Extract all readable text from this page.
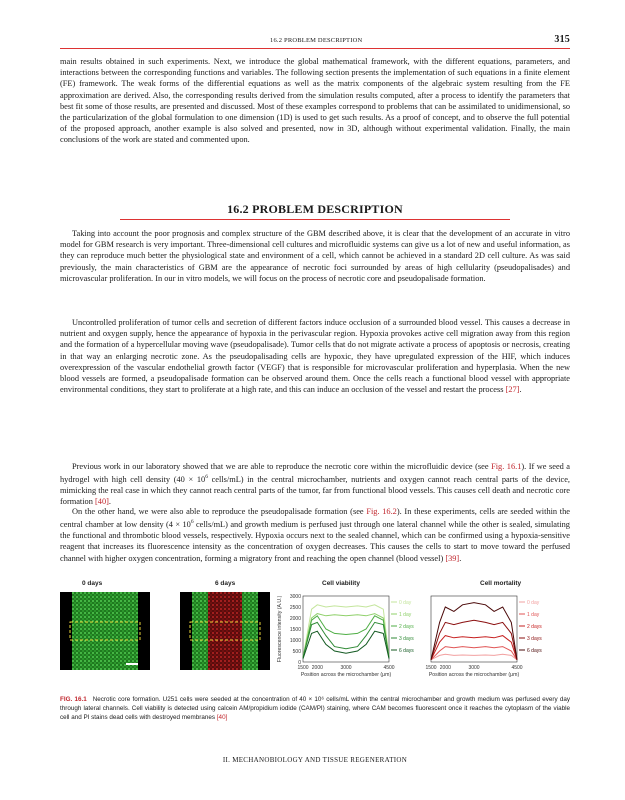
16.2 PROBLEM DESCRIPTION	315

main results obtained in such experiments. Next, we introduce the global mathematical framework, with the different equations, parameters, and interactions between the corresponding functions and variables. The following section presents the implementation of such equations in a finite element (FE) framework. The weak forms of the differential equations as well as the matrix components of the algebraic system resulting from the FE approximation are derived. Also, the corresponding results derived from the simulation results computed, after a process to identify the parameters that best fit some of those results, are presented and discussed. Most of these examples correspond to problems that can be assimilated to unidimensional, so the particularization of the global formulation to one dimension (1D) is used to get such results. As a proof of concept, and to observe the full potential of the proposed approach, another example is also solved and presented, now in 3D, although without experimental validation. Finally, the main conclusions of the work are stated and commented upon.

16.2 PROBLEM DESCRIPTION

Taking into account the poor prognosis and complex structure of the GBM described above, it is clear that the development of an accurate in vitro model for GBM research is very important. Three-dimensional cell cultures and microfluidic systems can give us a lot of new and useful information, as they can reproduce much better the physiological state and environment of a cell, which cannot be achieved in a standard 2D cell culture. As was said previously, the main characteristics of GBM are the appearance of necrotic foci surrounded by areas of high cellularity (pseudopalisades) and microvascular proliferation. In our in vitro models, we will focus on the process of necrotic core and pseudopalisade formation.

Uncontrolled proliferation of tumor cells and secretion of different factors induce occlusion of a surrounded blood vessel. This causes a decrease in nutrient and oxygen supply, hence the appearance of hypoxia in the perivascular region. Hypoxia provokes active cell migration away from this region and the formation of a hypercellular moving wave (pseudopalisade). Tumor cells that do not migrate activate a process of apoptosis or necrosis, creating in that way an enlarging necrotic zone. As the pseudopalisading cells are hypoxic, they have upregulated expression of the HIF, which induces overexpression of the vascular endothelial growth factor (VEGF) that is responsible for microvascular proliferation and hyperplasia. When the new blood vessels are formed, a pseudopalisade formation can be observed around them. Once the cells reach a functional blood vessel with appropriate environmental conditions, they start to proliferate at a high rate, and this can induce an occlusion of the vessel and restart the process [27].

Previous work in our laboratory showed that we are able to reproduce the necrotic core within the microfluidic device (see Fig. 16.1). If we seed a hydrogel with high cell density ($40 \times 10^6$ cells/mL) in the central microchamber, nutrients and oxygen cannot reach central parts of the device, mimicking the real case in which they cannot reach central parts of the tumor, far from functional blood vessels. This causes cell death and necrotic core formation [40].

On the other hand, we were also able to reproduce the pseudopalisade formation (see Fig. 16.2). In these experiments, cells are seeded within the central chamber at low density ($4 \times 10^6$ cells/mL) and growth medium is perfused just through one lateral channel while the other is sealed, simulating the functional and thrombotic blood vessels, respectively. Hypoxia occurs next to the sealed channel, which can be confirmed using a hypoxia-sensitive reagent that increases its fluorescence intensity as the concentration of oxygen decreases. This causes the cells to start to move toward the perfused channel with higher oxygen concentration, forming a migratory front and reaching the open channel (blood vessel) [39].

0 days	6 days	Cell viability	Cell mortality
3000
2500
2000
1500
1000
500
0
Fluorescence intensity (A.U.)
1500 2000	3000	4500
Position across the microchamber (μm)
0 day
1 day
2 days
3 days
6 days
1500 2000	3000	4500
Position across the microchamber (μm)
0 day
1 day
2 days
3 days
6 days
FIG. 16.1 Necrotic core formation. U251 cells were seeded at the concentration of 40 × 10⁶ cells/mL within the central microchamber and growth medium was perfused every day through lateral channels. Cell viability is detected using calcein AM/propidium iodide (CAM/PI) staining, where CAM becomes fluorescent once it reaches the cytoplasm of the viable cell and PI stains dead cells with destroyed membranes [40]
II. MECHANOBIOLOGY AND TISSUE REGENERATION
